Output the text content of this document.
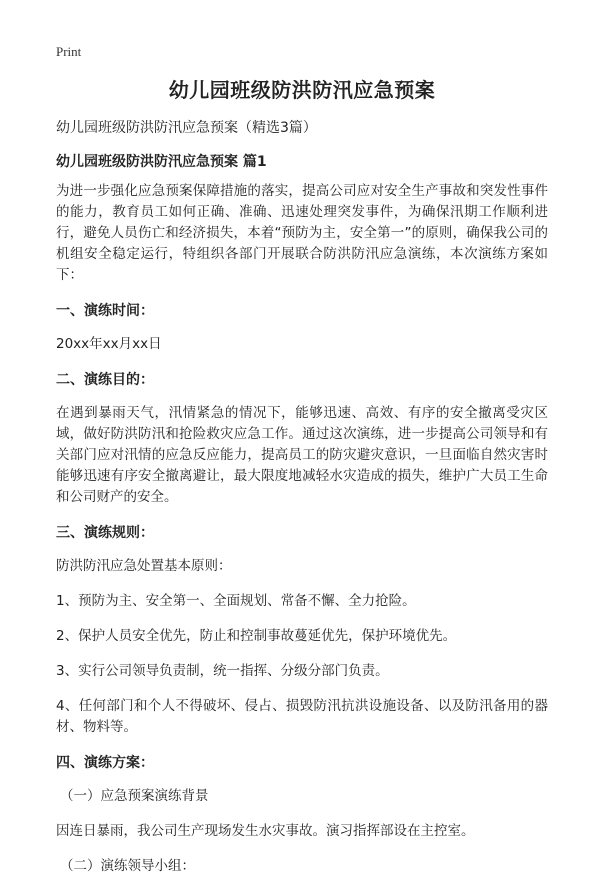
Print
幼儿园班级防洪防汛应急预案
幼儿园班级防洪防汛应急预案（精选3篇）
幼儿园班级防洪防汛应急预案 篇1
为进一步强化应急预案保障措施的落实，提高公司应对安全生产事故和突发性事件的能力，教育员工如何正确、准确、迅速处理突发事件，为确保汛期工作顺利进行，避免人员伤亡和经济损失，本着“预防为主，安全第一”的原则，确保我公司的机组安全稳定运行，特组织各部门开展联合防洪防汛应急演练，本次演练方案如下：
一、演练时间：
20xx年xx月xx日
二、演练目的：
在遇到暴雨天气，汛情紧急的情况下，能够迅速、高效、有序的安全撤离受灾区域，做好防洪防汛和抢险救灾应急工作。通过这次演练，进一步提高公司领导和有关部门应对汛情的应急反应能力，提高员工的防灾避灾意识，一旦面临自然灾害时能够迅速有序安全撤离避让，最大限度地减轻水灾造成的损失，维护广大员工生命和公司财产的安全。
三、演练规则：
防洪防汛应急处置基本原则：
1、预防为主、安全第一、全面规划、常备不懈、全力抢险。
2、保护人员安全优先，防止和控制事故蔓延优先，保护环境优先。
3、实行公司领导负责制，统一指挥、分级分部门负责。
4、任何部门和个人不得破坏、侵占、损毁防汛抗洪设施设备、以及防汛备用的器材、物料等。
四、演练方案：
（一）应急预案演练背景
因连日暴雨，我公司生产现场发生水灾事故。演习指挥部设在主控室。
（二）演练领导小组：
